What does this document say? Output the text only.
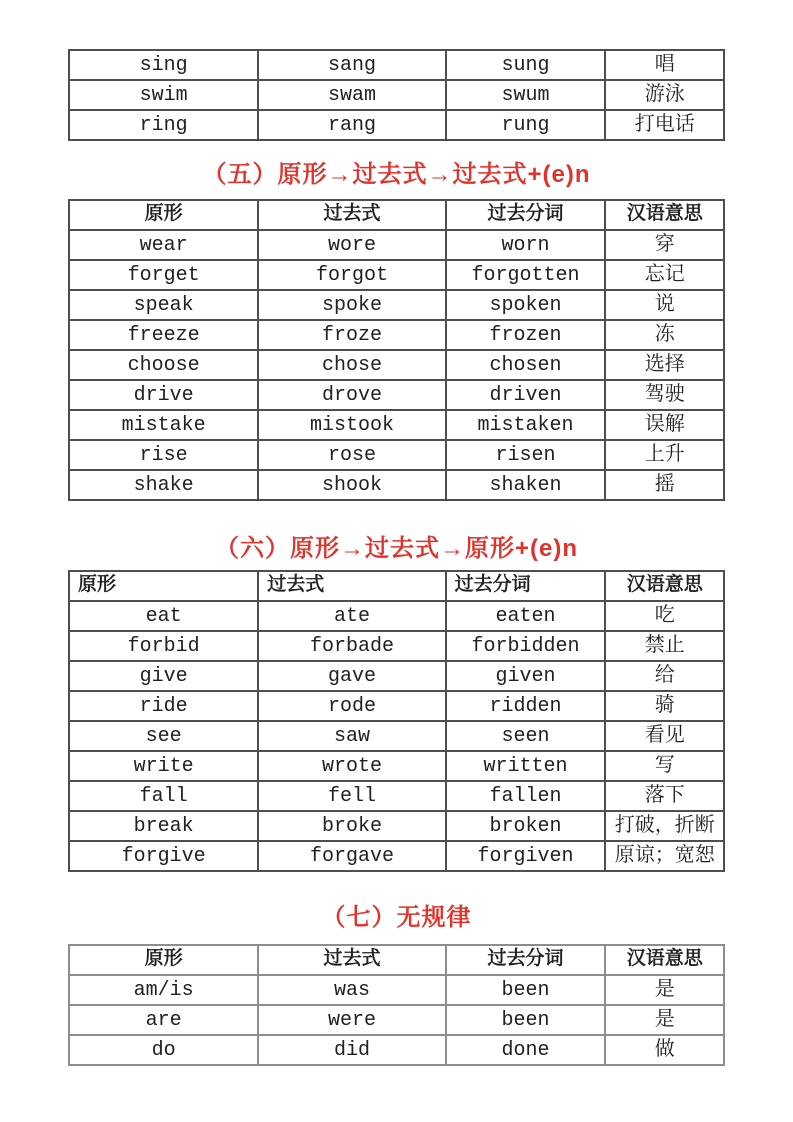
sing	sang	sung	唱
swim	swam	swum	游泳
ring	rang	rung	打电话
（五）原形→过去式→过去式+(e)n
原形	过去式	过去分词	汉语意思
wear	wore	worn	穿
forget	forgot	forgotten	忘记
speak	spoke	spoken	说
freeze	froze	frozen	冻
choose	chose	chosen	选择
drive	drove	driven	驾驶
mistake	mistook	mistaken	误解
rise	rose	risen	上升
shake	shook	shaken	摇
（六）原形→过去式→原形+(e)n
原形	过去式	过去分词	汉语意思
eat	ate	eaten	吃
forbid	forbade	forbidden	禁止
give	gave	given	给
ride	rode	ridden	骑
see	saw	seen	看见
write	wrote	written	写
fall	fell	fallen	落下
break	broke	broken	打破，折断
forgive	forgave	forgiven	原谅；宽恕
（七）无规律
原形	过去式	过去分词	汉语意思
am/is	was	been	是
are	were	been	是
do	did	done	做
